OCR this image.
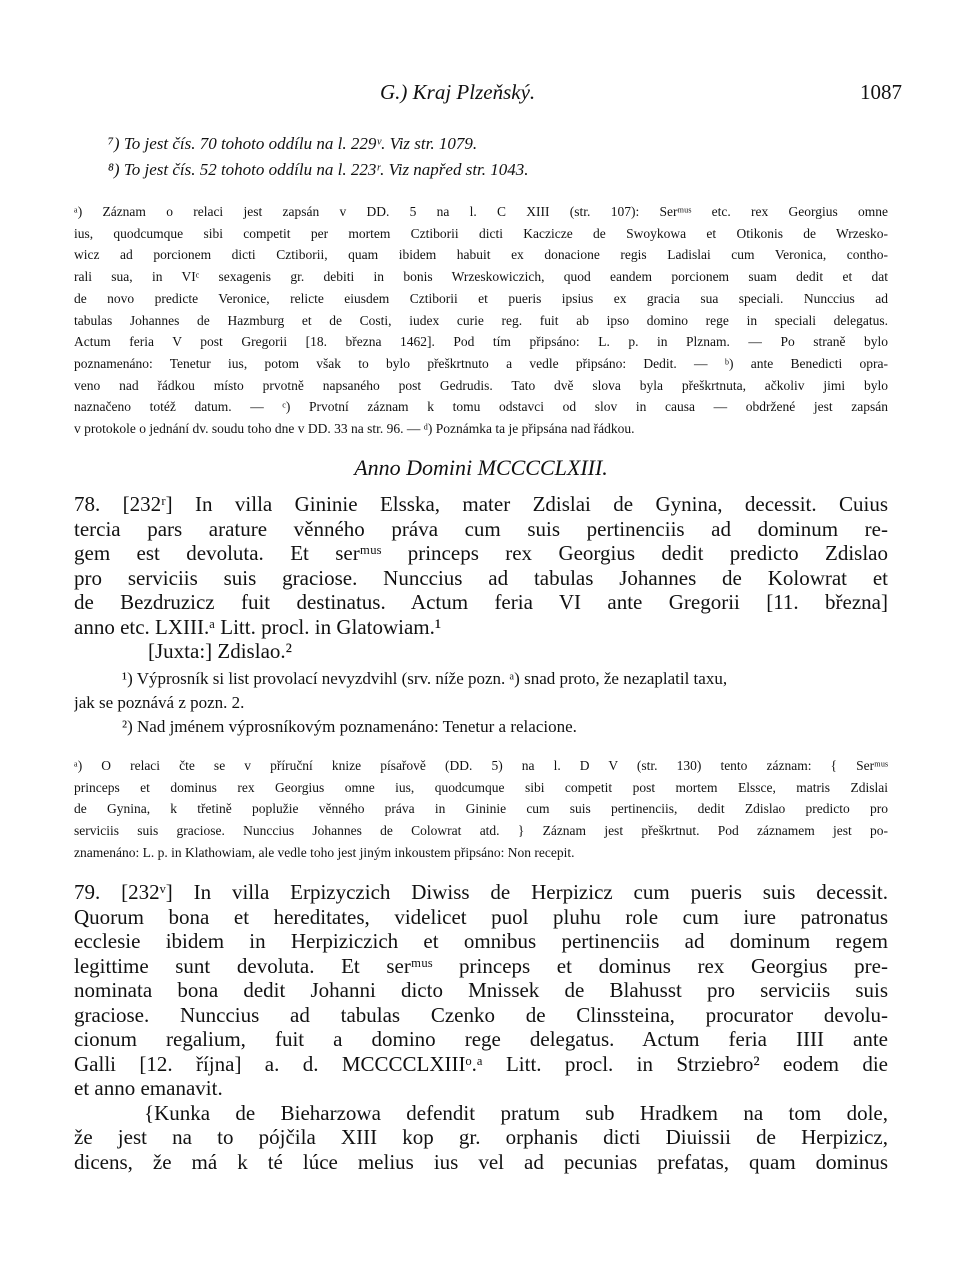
G.) Kraj Plzeňský.	1087
⁷) To jest čís. 70 tohoto oddílu na l. 229ᵛ. Viz str. 1079.
⁸) To jest čís. 52 tohoto oddílu na l. 223ʳ. Viz napřed str. 1043.
ᵃ) Záznam o relaci jest zapsán v DD. 5 na l. C XIII (str. 107): Serᵐᵘˢ etc. rex Georgius omne
ius, quodcumque sibi competit per mortem Cztiborii dicti Kaczicze de Swoykowa et Otikonis de Wrzesko-
wicz ad porcionem dicti Cztiborii, quam ibidem habuit ex donacione regis Ladislai cum Veronica, contho-
rali sua, in VIᶜ sexagenis gr. debiti in bonis Wrzeskowiczich, quod eandem porcionem suam dedit et dat
de novo predicte Veronice, relicte eiusdem Cztiborii et pueris ipsius ex gracia sua speciali. Nunccius ad
tabulas Johannes de Hazmburg et de Costi, iudex curie reg. fuit ab ipso domino rege in speciali delegatus.
Actum feria V post Gregorii [18. března 1462]. Pod tím připsáno: L. p. in Plznam. — Po straně bylo
poznamenáno: Tenetur ius, potom však to bylo přeškrtnuto a vedle připsáno: Dedit. — ᵇ) ante Benedicti opra-
veno nad řádkou místo prvotně napsaného post Gedrudis. Tato dvě slova byla přeškrtnuta, ačkoliv jimi bylo
naznačeno totéž datum. — ᶜ) Prvotní záznam k tomu odstavci od slov in causa — obdržené jest zapsán
v protokole o jednání dv. soudu toho dne v DD. 33 na str. 96. — ᵈ) Poznámka ta je připsána nad řádkou.
Anno Domini MCCCCLXIII.
78. [232ʳ] In villa Gininie Elsska, mater Zdislai de Gynina, decessit. Cuius
tercia pars arature věnného práva cum suis pertinenciis ad dominum re-
gem est devoluta. Et serᵐᵘˢ princeps rex Georgius dedit predicto Zdislao
pro serviciis suis graciose. Nunccius ad tabulas Johannes de Kolowrat et
de Bezdruzicz fuit destinatus. Actum feria VI ante Gregorii [11. března]
anno etc. LXIII.ᵃ Litt. procl. in Glatowiam.¹
[Juxta:] Zdislao.²
¹) Výprosník si list provolací nevyzdvihl (srv. níže pozn. ᵃ) snad proto, že nezaplatil taxu,
jak se poznává z pozn. 2.
²) Nad jménem výprosníkovým poznamenáno: Tenetur a relacione.
ᵃ) O relaci čte se v příruční knize písařově (DD. 5) na l. D V (str. 130) tento záznam: { Serᵐᵘˢ
princeps et dominus rex Georgius omne ius, quodcumque sibi competit post mortem Elssce, matris Zdislai
de Gynina, k třetině poplužie věnného práva in Gininie cum suis pertinenciis, dedit Zdislao predicto pro
serviciis suis graciose. Nunccius Johannes de Colowrat atd. } Záznam jest přeškrtnut. Pod záznamem jest po-
znamenáno: L. p. in Klathowiam, ale vedle toho jest jiným inkoustem připsáno: Non recepit.
79. [232ᵛ] In villa Erpizyczich Diwiss de Herpizicz cum pueris suis decessit.
Quorum bona et hereditates, videlicet puol pluhu role cum iure patronatus
ecclesie ibidem in Herpiziczich et omnibus pertinenciis ad dominum regem
legittime sunt devoluta. Et serᵐᵘˢ princeps et dominus rex Georgius pre-
nominata bona dedit Johanni dicto Mnissek de Blahusst pro serviciis suis
graciose. Nunccius ad tabulas Czenko de Clinssteina, procurator devolu-
cionum regalium, fuit a domino rege delegatus. Actum feria IIII ante
Galli [12. října] a. d. MCCCCLXIIIᵒ.ᵃ Litt. procl. in Strziebro² eodem die
et anno emanavit.
{Kunka de Bieharzowa defendit pratum sub Hradkem na tom dole,
že jest na to pójčila XIII kop gr. orphanis dicti Diuissii de Herpizicz,
dicens, že má k té lúce melius ius vel ad pecunias prefatas, quam dominus
